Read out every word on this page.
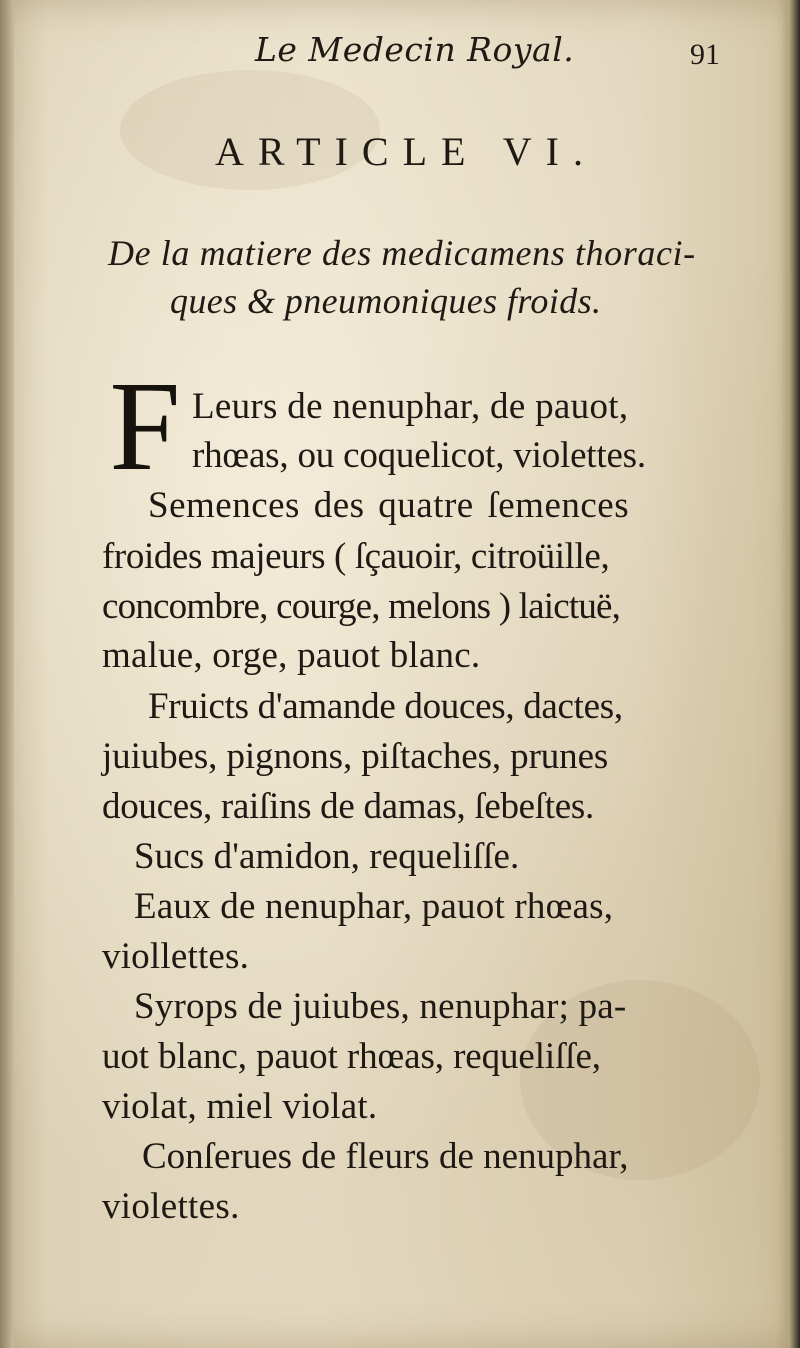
Le Medecin Royal.	91
ARTICLE VI.
De la matiere des medicamens thoraci-
ques & pneumoniques froids.
F Leurs de nenuphar, de pauot,
rhœas, ou coquelicot, violettes.
Semences des quatre ſemences
froides majeurs ( ſçauoir, citroüille,
concombre, courge, melons ) laictuë,
malue, orge, pauot blanc.
Fruicts d'amande douces, dactes,
juiubes, pignons, piſtaches, prunes
douces, raiſins de damas, ſebeſtes.
Sucs d'amidon, requeliſſe.
Eaux de nenuphar, pauot rhœas,
viollettes.
Syrops de juiubes, nenuphar; pa-
uot blanc, pauot rhœas, requeliſſe,
violat, miel violat.
Conſerues de fleurs de nenuphar,
violettes.
